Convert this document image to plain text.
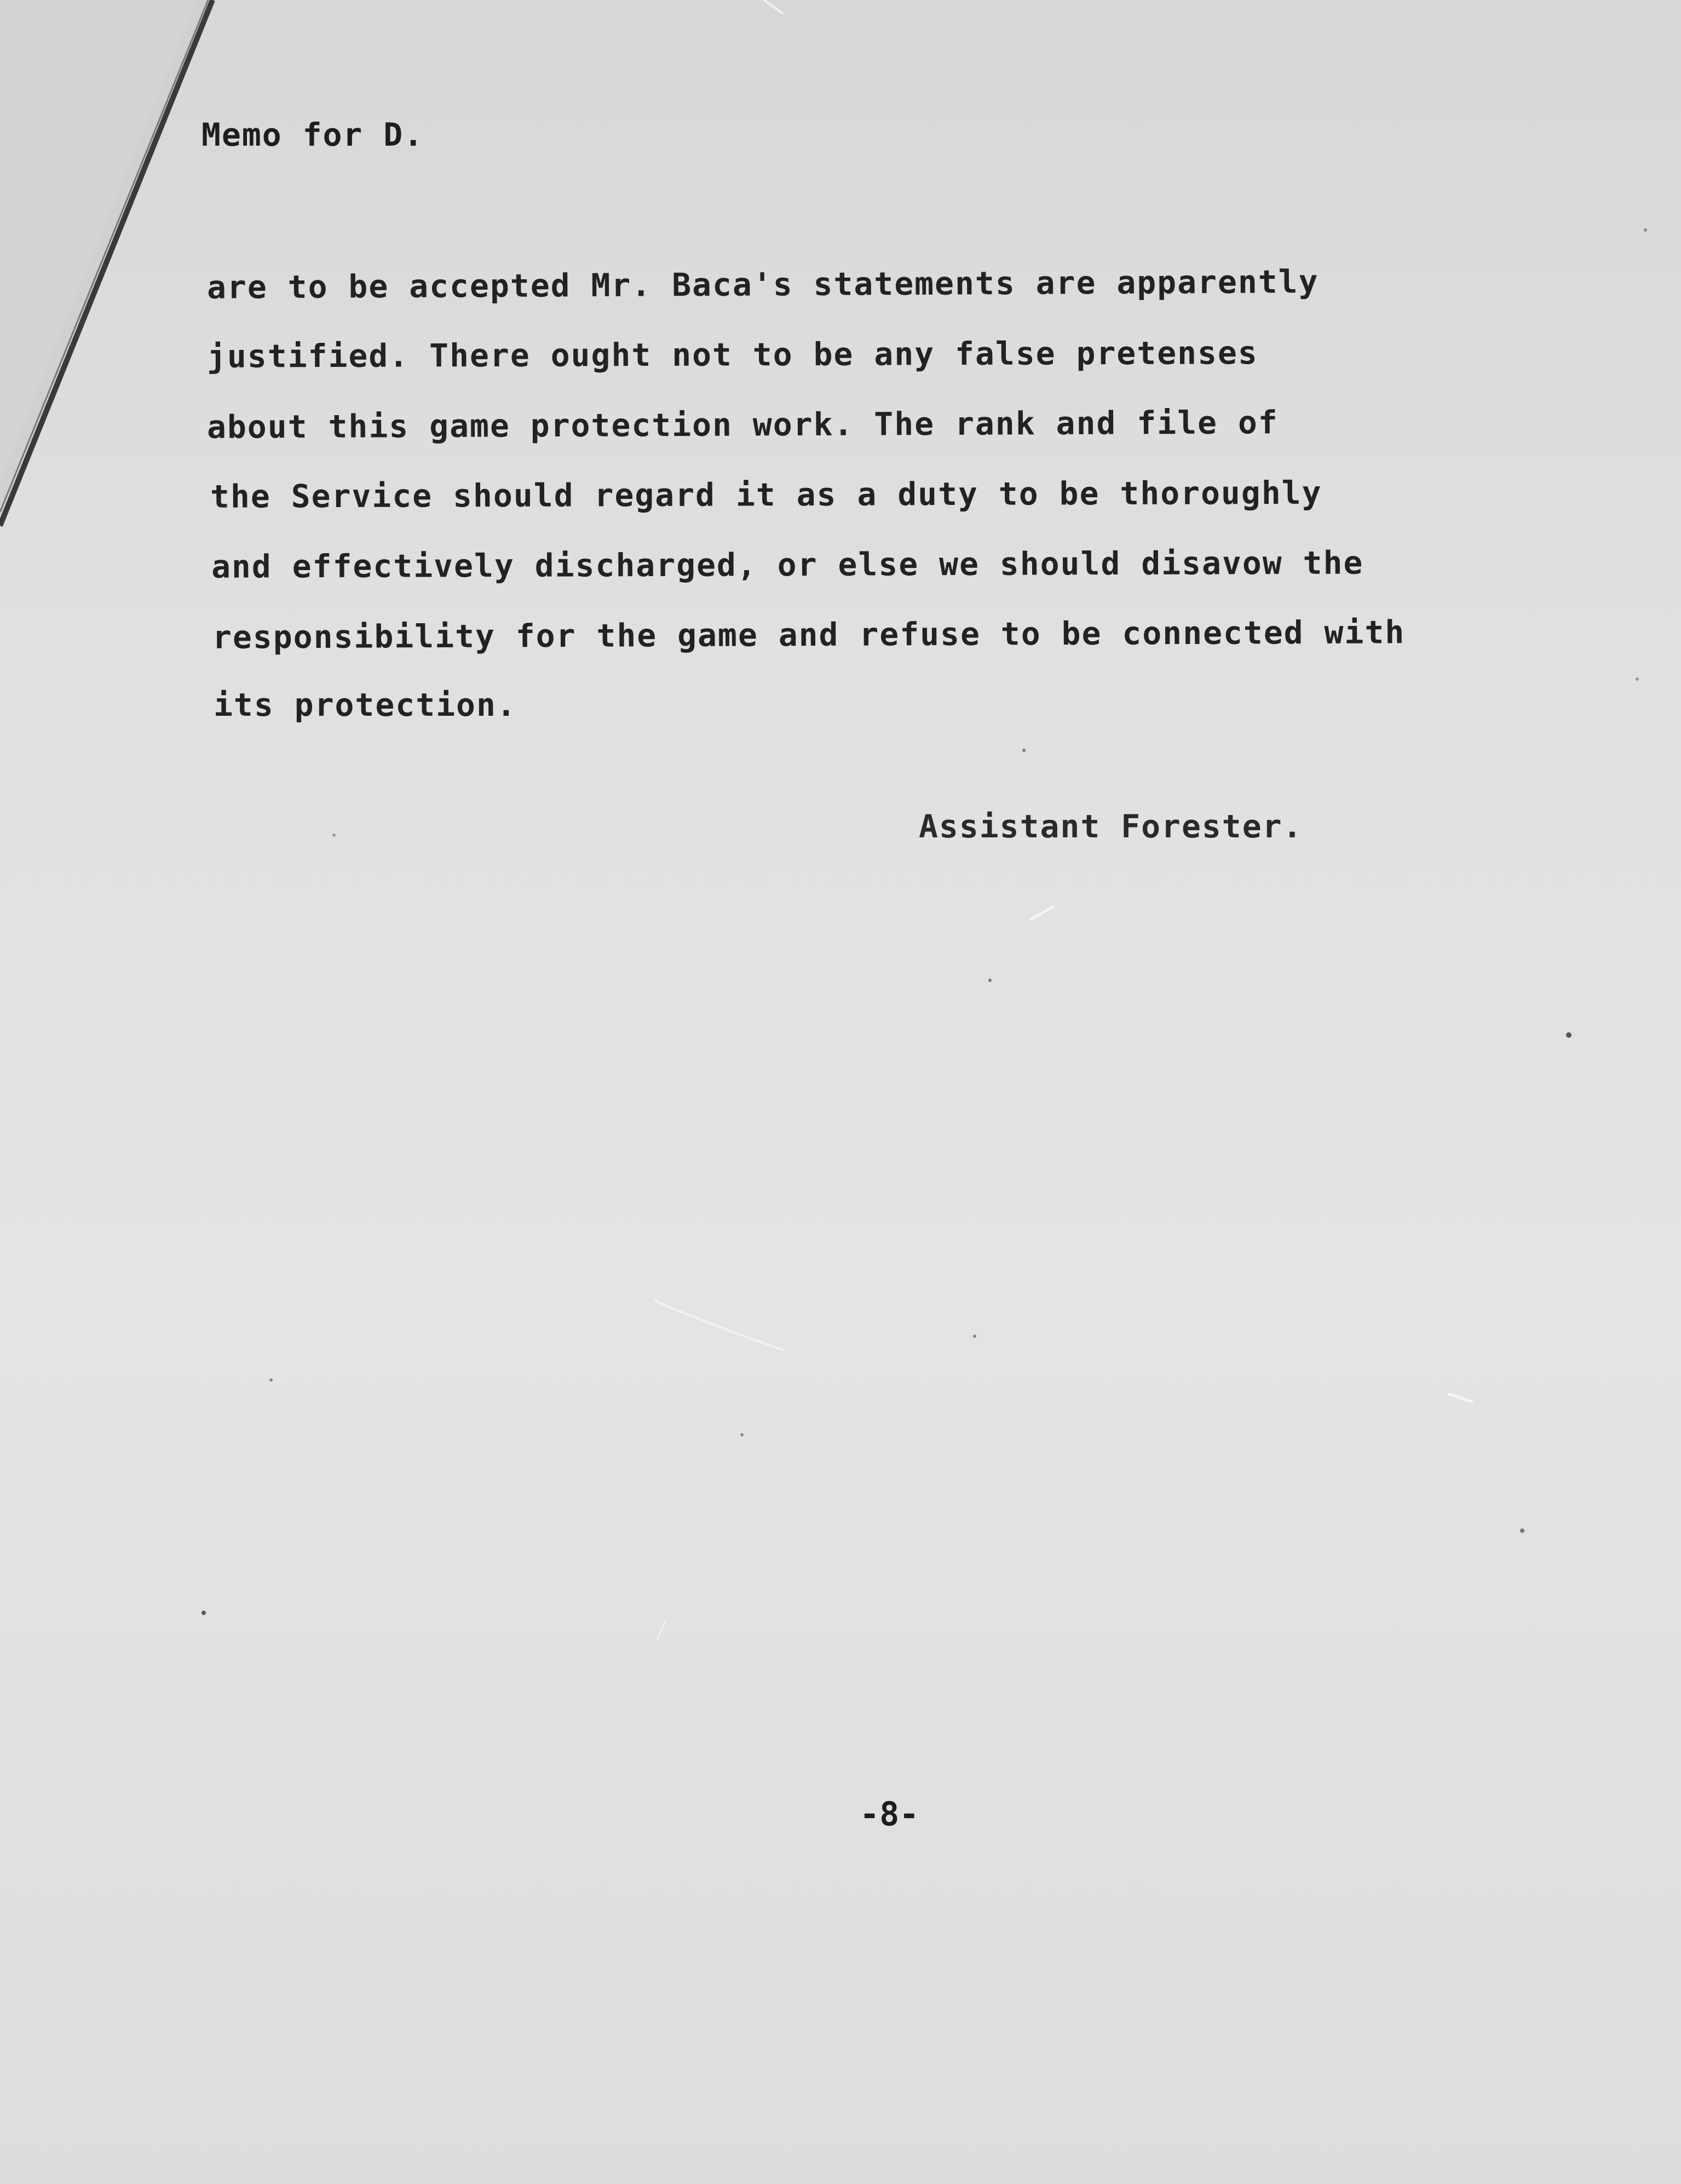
Memo for D.
are to be accepted Mr. Baca's statements are apparently
justified. There ought not to be any false pretenses
about this game protection work. The rank and file of
the Service should regard it as a duty to be thoroughly
and effectively discharged, or else we should disavow the
responsibility for the game and refuse to be connected with
its protection.
Assistant Forester.
-8-
